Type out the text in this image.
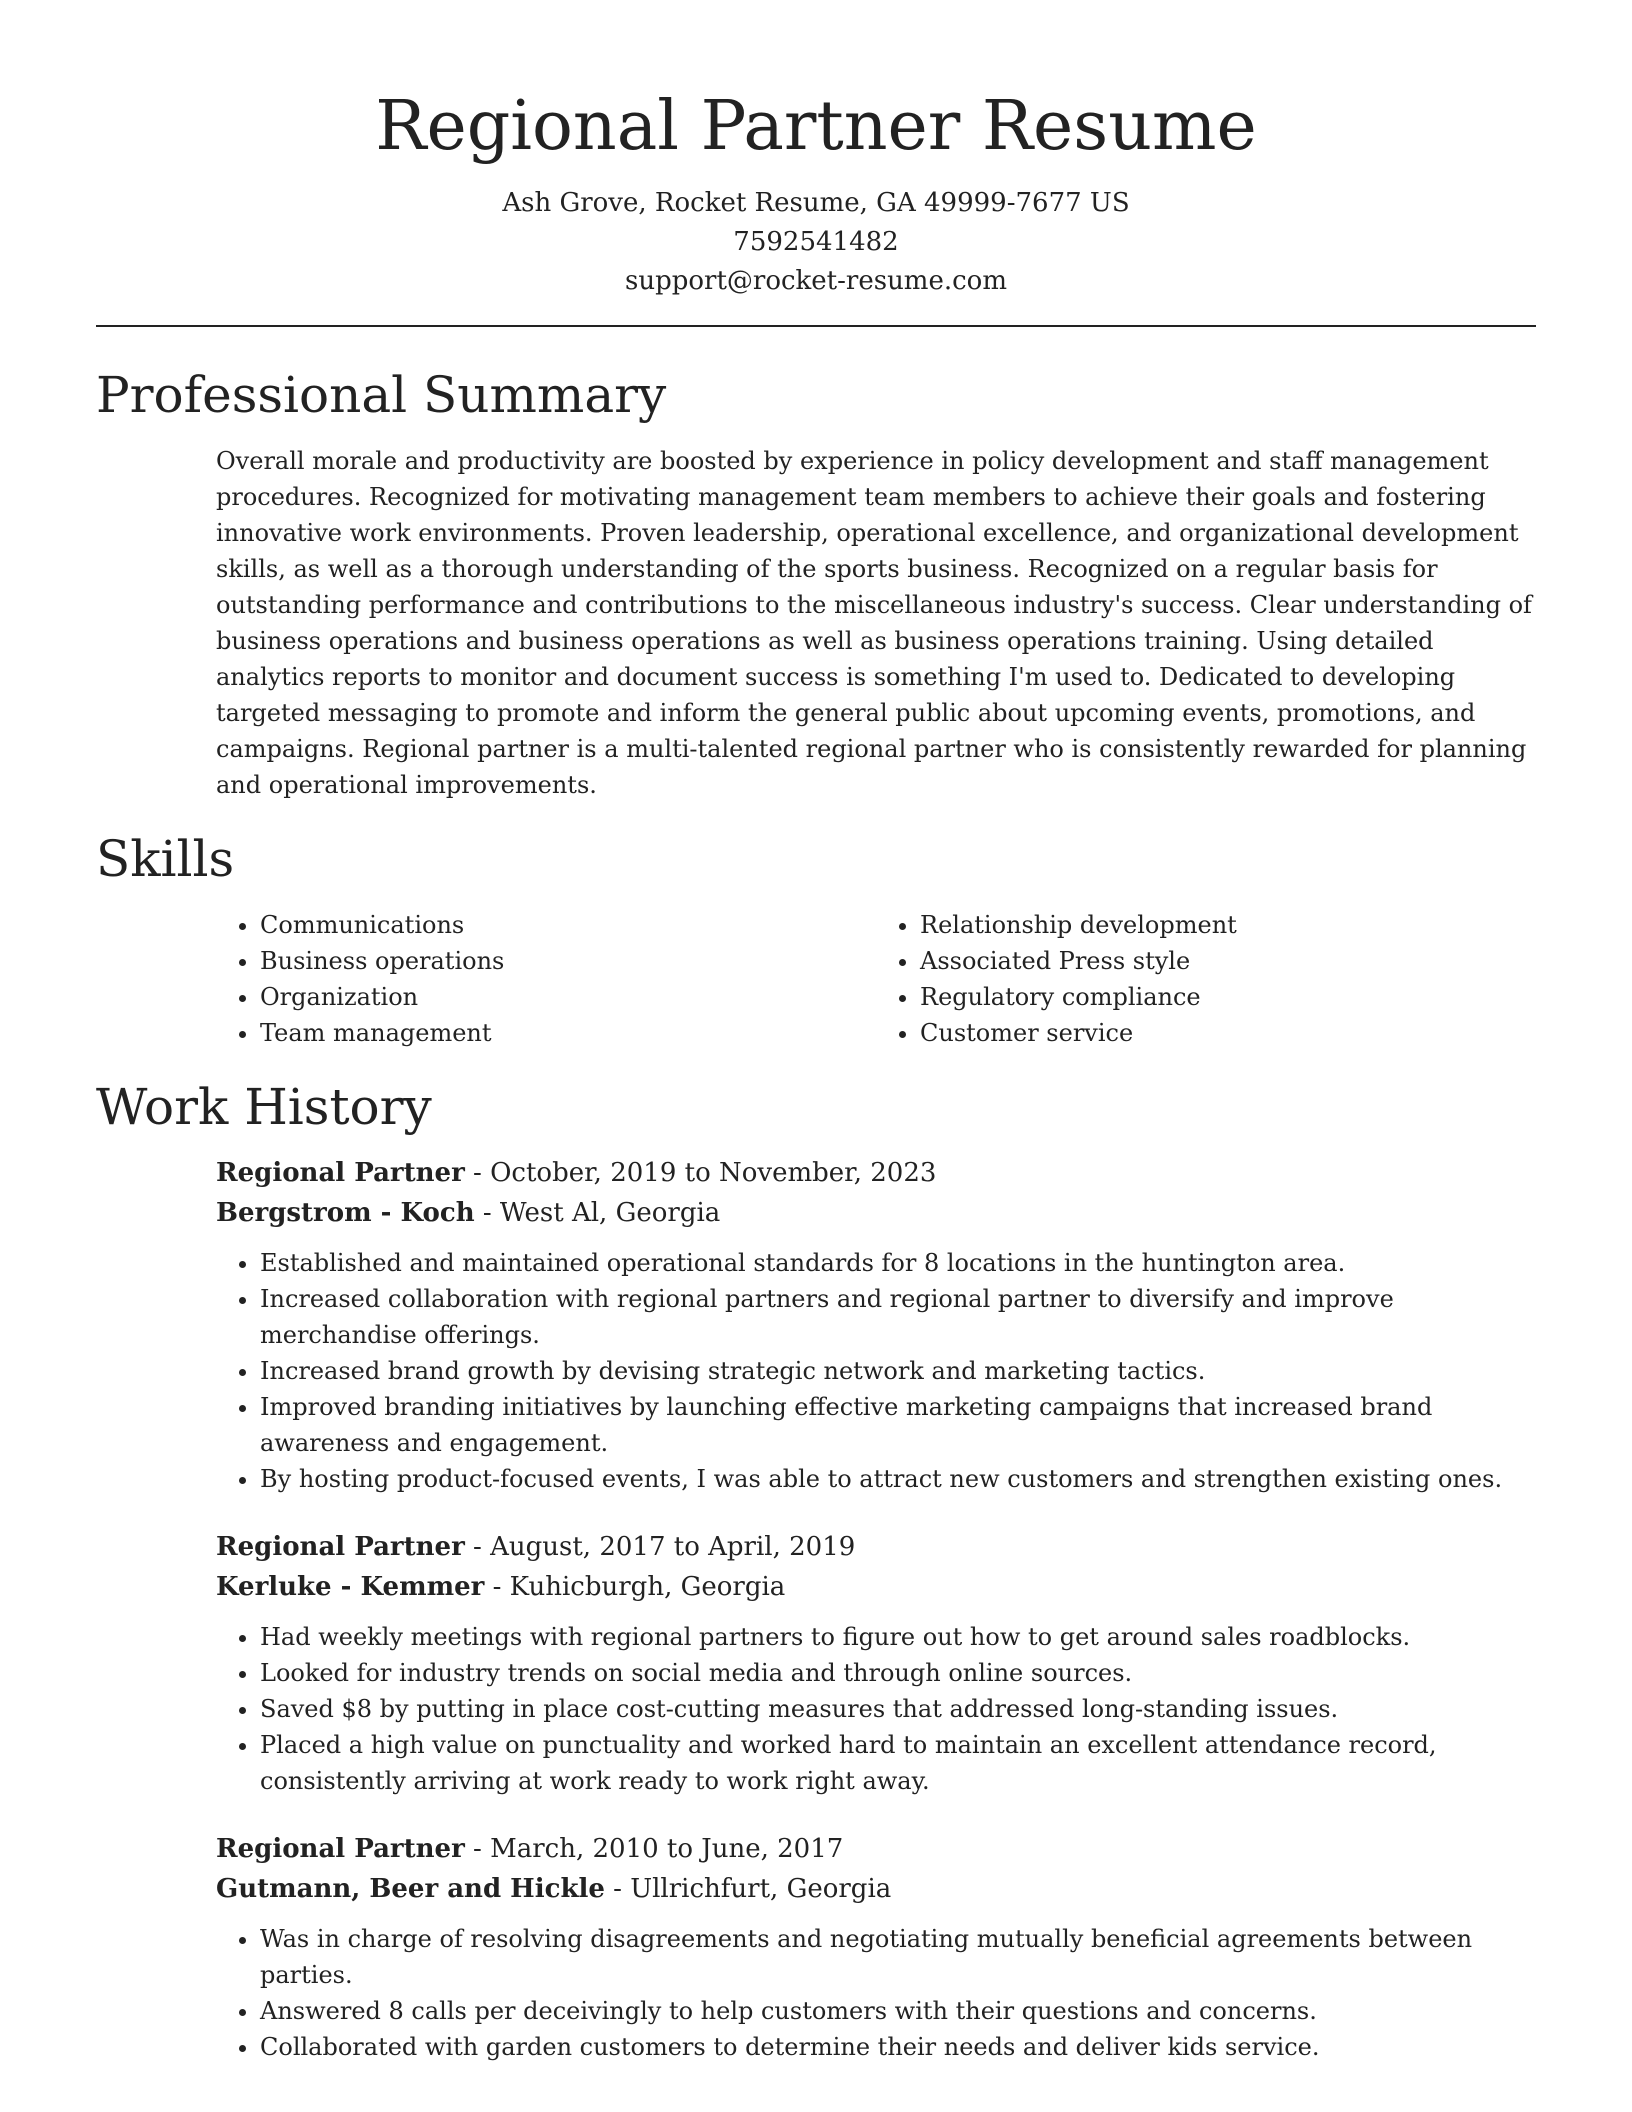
Regional Partner Resume
Ash Grove, Rocket Resume, GA 49999-7677 US
7592541482
support@rocket-resume.com
Professional Summary
Overall morale and productivity are boosted by experience in policy development and staff management procedures. Recognized for motivating management team members to achieve their goals and fostering innovative work environments. Proven leadership, operational excellence, and organizational development skills, as well as a thorough understanding of the sports business. Recognized on a regular basis for outstanding performance and contributions to the miscellaneous industry's success. Clear understanding of business operations and business operations as well as business operations training. Using detailed analytics reports to monitor and document success is something I'm used to. Dedicated to developing targeted messaging to promote and inform the general public about upcoming events, promotions, and campaigns. Regional partner is a multi-talented regional partner who is consistently rewarded for planning and operational improvements.
Skills
• Communications
• Business operations
• Organization
• Team management
• Relationship development
• Associated Press style
• Regulatory compliance
• Customer service
Work History
Regional Partner - October, 2019 to November, 2023
Bergstrom - Koch - West Al, Georgia
• Established and maintained operational standards for 8 locations in the huntington area.
• Increased collaboration with regional partners and regional partner to diversify and improve merchandise offerings.
• Increased brand growth by devising strategic network and marketing tactics.
• Improved branding initiatives by launching effective marketing campaigns that increased brand awareness and engagement.
• By hosting product-focused events, I was able to attract new customers and strengthen existing ones.
Regional Partner - August, 2017 to April, 2019
Kerluke - Kemmer - Kuhicburgh, Georgia
• Had weekly meetings with regional partners to figure out how to get around sales roadblocks.
• Looked for industry trends on social media and through online sources.
• Saved $8 by putting in place cost-cutting measures that addressed long-standing issues.
• Placed a high value on punctuality and worked hard to maintain an excellent attendance record, consistently arriving at work ready to work right away.
Regional Partner - March, 2010 to June, 2017
Gutmann, Beer and Hickle - Ullrichfurt, Georgia
• Was in charge of resolving disagreements and negotiating mutually beneficial agreements between parties.
• Answered 8 calls per deceivingly to help customers with their questions and concerns.
• Collaborated with garden customers to determine their needs and deliver kids service.
